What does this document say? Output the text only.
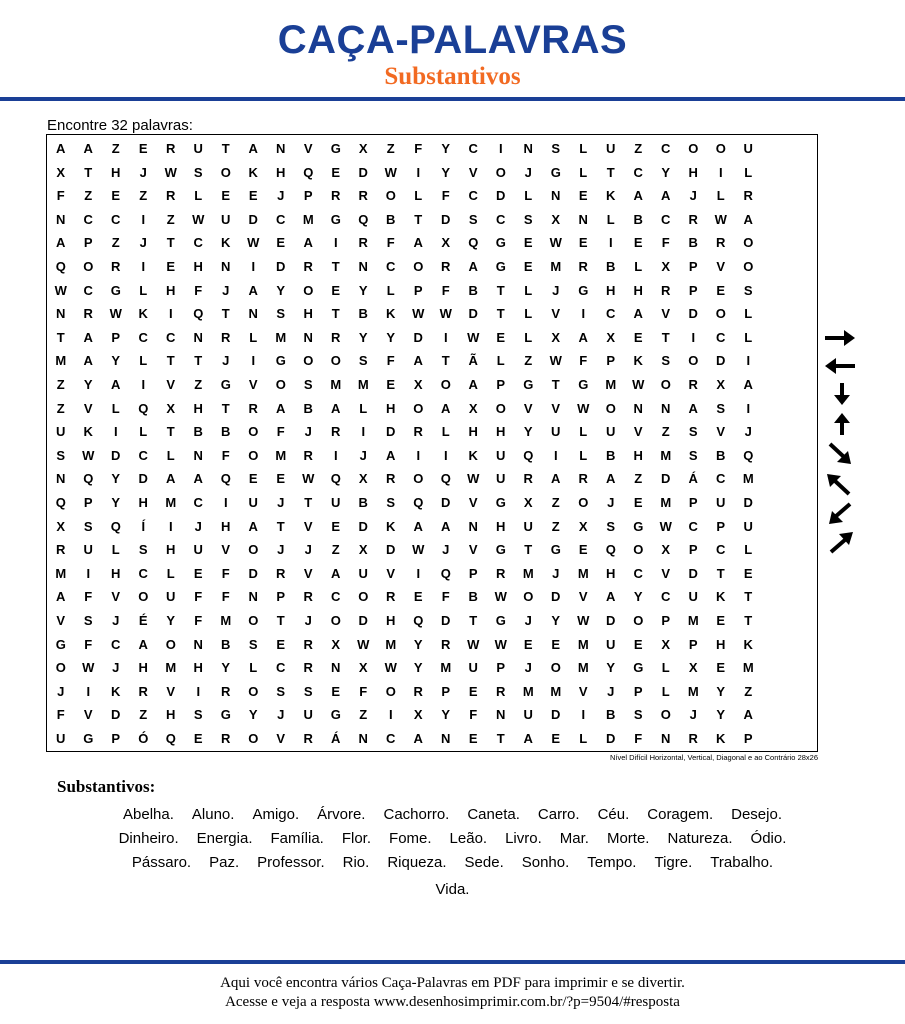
CAÇA-PALAVRAS
Substantivos
Encontre 32 palavras:
A	A	Z	E	R	U	T	A	N	V	G	X	Z	F	Y	C	I	N	S	L	U	Z	C	O	O	U
X	T	H	J	W	S	O	K	H	Q	E	D	W	I	Y	V	O	J	G	L	T	C	Y	H	I	L
F	Z	E	Z	R	L	E	E	J	P	R	R	O	L	F	C	D	L	N	E	K	A	A	J	L	R
N	C	C	I	Z	W	U	D	C	M	G	Q	B	T	D	S	C	S	X	N	L	B	C	R	W	A
A	P	Z	J	T	C	K	W	E	A	I	R	F	A	X	Q	G	E	W	E	I	E	F	B	R	O
Q	O	R	I	E	H	N	I	D	R	T	N	C	O	R	A	G	E	M	R	B	L	X	P	V	O
W	C	G	L	H	F	J	A	Y	O	E	Y	L	P	F	B	T	L	J	G	H	H	R	P	E	S
N	R	W	K	I	Q	T	N	S	H	T	B	K	W	W	D	T	L	V	I	C	A	V	D	O	L
T	A	P	C	C	N	R	L	M	N	R	Y	Y	D	I	W	E	L	X	A	X	E	T	I	C	L
M	A	Y	L	T	T	J	I	G	O	O	S	F	A	T	Ã	L	Z	W	F	P	K	S	O	D	I
Z	Y	A	I	V	Z	G	V	O	S	M	M	E	X	O	A	P	G	T	G	M	W	O	R	X	A
Z	V	L	Q	X	H	T	R	A	B	A	L	H	O	A	X	O	V	V	W	O	N	N	A	S	I
U	K	I	L	T	B	B	O	F	J	R	I	D	R	L	H	H	Y	U	L	U	V	Z	S	V	J
S	W	D	C	L	N	F	O	M	R	I	J	A	I	I	K	U	Q	I	L	B	H	M	S	B	Q
N	Q	Y	D	A	A	Q	E	E	W	Q	X	R	O	Q	W	U	R	A	R	A	Z	D	Á	C	M
Q	P	Y	H	M	C	I	U	J	T	U	B	S	Q	D	V	G	X	Z	O	J	E	M	P	U	D
X	S	Q	Í	I	J	H	A	T	V	E	D	K	A	A	N	H	U	Z	X	S	G	W	C	P	U
R	U	L	S	H	U	V	O	J	J	Z	X	D	W	J	V	G	T	G	E	Q	O	X	P	C	L
M	I	H	C	L	E	F	D	R	V	A	U	V	I	Q	P	R	M	J	M	H	C	V	D	T	E
A	F	V	O	U	F	F	N	P	R	C	O	R	E	F	B	W	O	D	V	A	Y	C	U	K	T
V	S	J	É	Y	F	M	O	T	J	O	D	H	Q	D	T	G	J	Y	W	D	O	P	M	E	T
G	F	C	A	O	N	B	S	E	R	X	W	M	Y	R	W	W	E	E	M	U	E	X	P	H	K
O	W	J	H	M	H	Y	L	C	R	N	X	W	Y	M	U	P	J	O	M	Y	G	L	X	E	M
J	I	K	R	V	I	R	O	S	S	E	F	O	R	P	E	R	M	M	V	J	P	L	M	Y	Z
F	V	D	Z	H	S	G	Y	J	U	G	Z	I	X	Y	F	N	U	D	I	B	S	O	J	Y	A
U	G	P	Ó	Q	E	R	O	V	R	Á	N	C	A	N	E	T	A	E	L	D	F	N	R	K	P
Nível Difícil Horizontal, Vertical, Diagonal e ao Contrário 28x26
Substantivos:
Abelha. Aluno. Amigo. Árvore. Cachorro. Caneta. Carro. Céu. Coragem. Desejo.
Dinheiro. Energia. Família. Flor. Fome. Leão. Livro. Mar. Morte. Natureza. Ódio.
Pássaro. Paz. Professor. Rio. Riqueza. Sede. Sonho. Tempo. Tigre. Trabalho.
Vida.
Aqui você encontra vários Caça-Palavras em PDF para imprimir e se divertir.
Acesse e veja a resposta www.desenhosimprimir.com.br/?p=9504/#resposta
